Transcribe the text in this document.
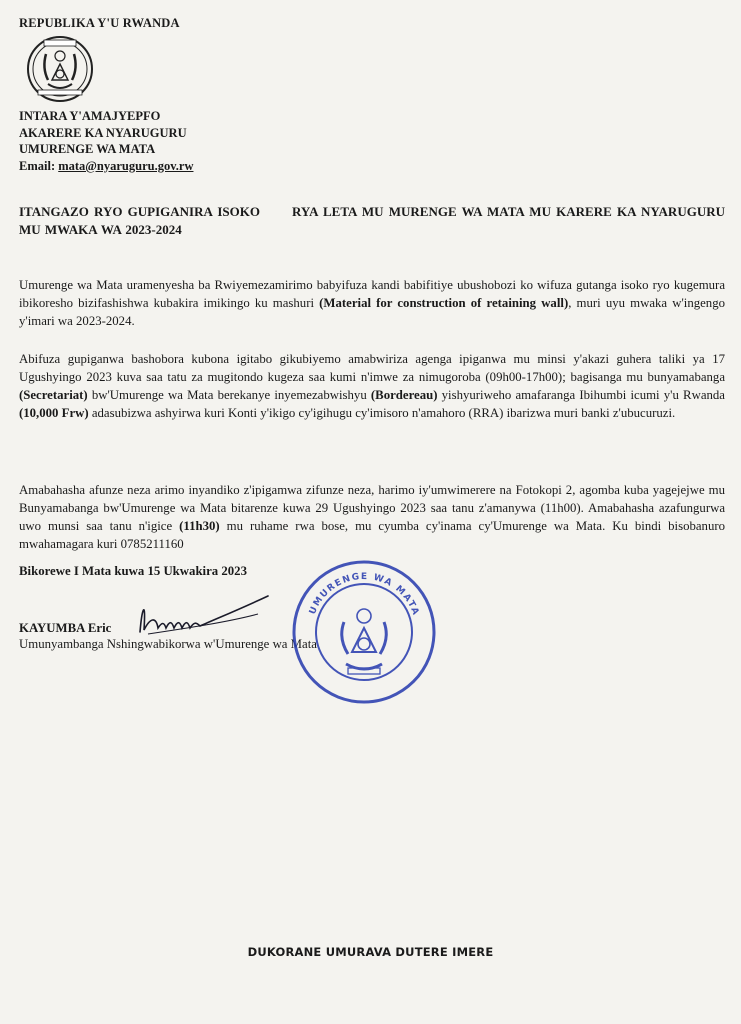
REPUBLIKA Y'U RWANDA
INTARA Y'AMAJYEPFO
AKARERE KA NYARUGURU
UMURENGE WA MATA
Email: mata@nyaruguru.gov.rw
ITANGAZO RYO GUPIGANIRA ISOKO RYA LETA MU MURENGE WA MATA MU KARERE KA NYARUGURU MU MWAKA WA 2023-2024
Umurenge wa Mata uramenyesha ba Rwiyemezamirimo babyifuza kandi babifitiye ubushobozi ko wifuza gutanga isoko ryo kugemura ibikoresho bizifashishwa kubakira imikingo ku mashuri (Material for construction of retaining wall), muri uyu mwaka w'ingengo y'imari wa 2023-2024.
Abifuza gupiganwa bashobora kubona igitabo gikubiyemo amabwiriza agenga ipiganwa mu minsi y'akazi guhera taliki ya 17 Ugushyingo 2023 kuva saa tatu za mugitondo kugeza saa kumi n'imwe za nimugoroba (09h00-17h00); bagisanga mu bunyamabanga (Secretariat) bw'Umurenge wa Mata berekanye inyemezabwishyu (Bordereau) yishyuriweho amafaranga Ibihumbi icumi y'u Rwanda (10,000 Frw) adasubizwa ashyirwa kuri Konti y'ikigo cy'igihugu cy'imisoro n'amahoro (RRA) ibarizwa muri banki z'ubucuruzi.
Amabahasha afunze neza arimo inyandiko z'ipigamwa zifunze neza, harimo iy'umwimerere na Fotokopi 2, agomba kuba yagejejwe mu Bunyamabanga bw'Umurenge wa Mata bitarenze kuwa 29 Ugushyingo 2023 saa tanu z'amanywa (11h00). Amabahasha azafungurwa uwo munsi saa tanu n'igice (11h30) mu ruhame rwa bose, mu cyumba cy'inama cy'Umurenge wa Mata. Ku bindi bisobanuro mwahamagara kuri 0785211160
Bikorewe I Mata kuwa 15 Ukwakira 2023
KAYUMBA Eric
Umunyambanga Nshingwabikorwa w'Umurenge wa Mata
UMURENGE WA MATA
DUKORANE UMURAVA DUTERE IMERE
